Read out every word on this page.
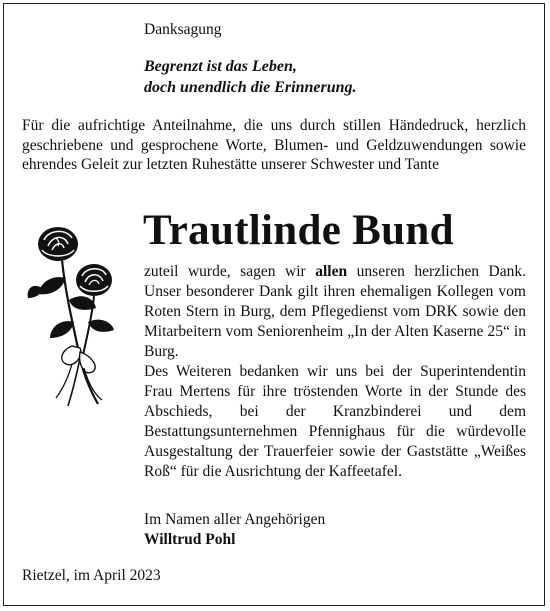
Danksagung
Begrenzt ist das Leben,
doch unendlich die Erinnerung.
Für die aufrichtige Anteilnahme, die uns durch stillen Händedruck, herzlich geschriebene und gesprochene Worte, Blumen- und Geldzuwendungen sowie ehrendes Geleit zur letzten Ruhestätte unserer Schwester und Tante
Trautlinde Bund

zuteil wurde, sagen wir allen unseren herzlichen Dank. Unser besonderer Dank gilt ihren ehemaligen Kollegen vom Roten Stern in Burg, dem Pflegedienst vom DRK sowie den Mitarbeitern vom Seniorenheim „In der Alten Kaserne 25“ in Burg.

Des Weiteren bedanken wir uns bei der Superintendentin Frau Mertens für ihre tröstenden Worte in der Stunde des Abschieds, bei der Kranzbinderei und dem Bestattungsunternehmen Pfennighaus für die würdevolle Ausgestaltung der Trauerfeier sowie der Gaststätte „Weißes Roß“ für die Ausrichtung der Kaffeetafel.

Im Namen aller Angehörigen
Willtrud Pohl
Rietzel, im April 2023
